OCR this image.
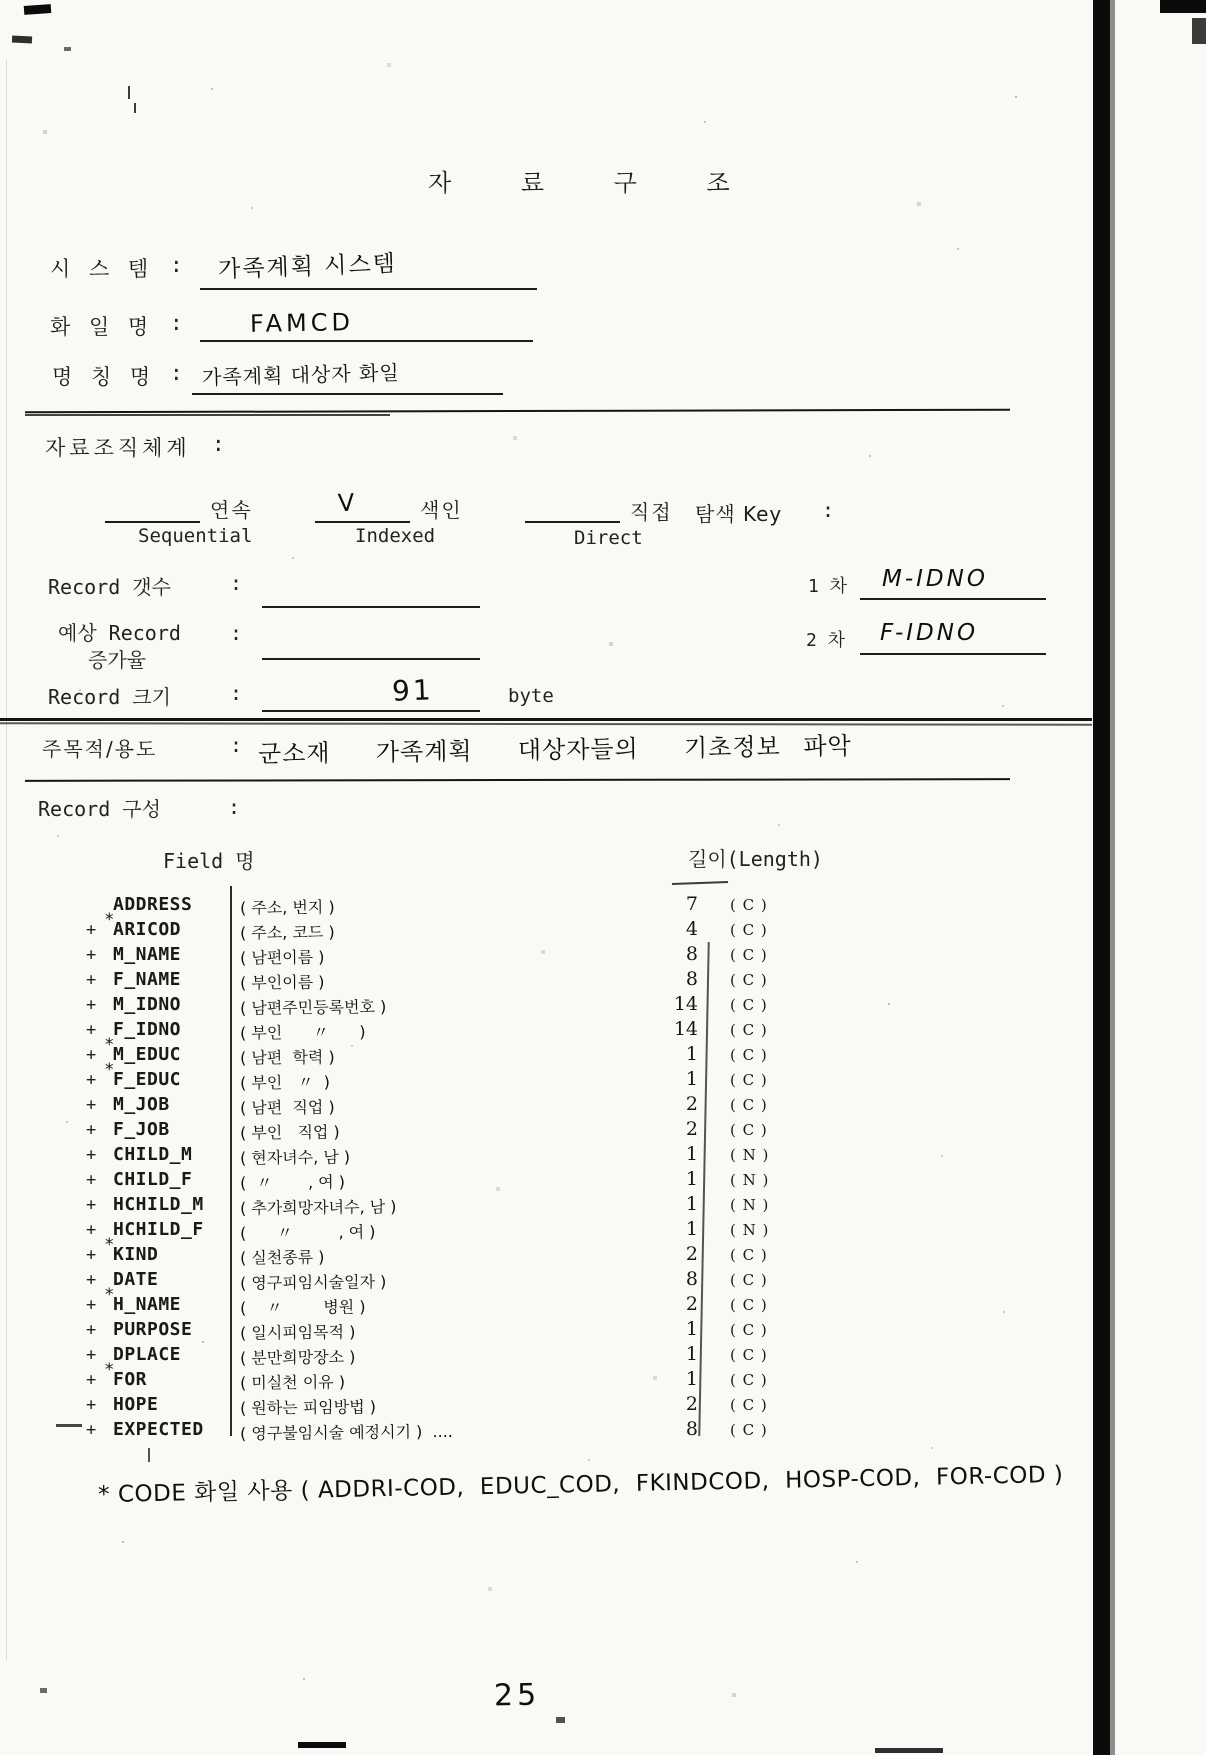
자 료 구 조
시 스 템 : 가족계획 시스템
화 일 명 :	FAMCD
명 칭 명 : 가족계획 대상자 화일
자료조직체계 :
연속
Sequential
V	색인
Indexed
직접
Direct
탐색 Key :
Record 갯수	:
예상 Record
증가율
:
Record 크기	:	91	byte
1 차 M-IDNO
2 차 F-IDNO
주목적/용도	: 군소재  가족계획  대상자들의  기초정보 파악
Record 구성	:
Field 명	길이(Length)
ADDRESS	( 주소, 번지 )	7 ( C )
+ * ARICOD	( 주소, 코드 )	4 ( C )
+ M_NAME	( 남편이름 )	8 ( C )
+ F_NAME	( 부인이름 )	8 ( C )
+ M_IDNO	( 남편주민등록번호 )	14 ( C )
+ F_IDNO	( 부인      〃      )	14 ( C )
+ * M_EDUC	( 남편  학력 )	1 ( C )
+ * F_EDUC	( 부인   〃  )	1 ( C )
+ M_JOB	( 남편  직업 )	2 ( C )
+ F_JOB	( 부인   직업 )	2 ( C )
+ CHILD_M	( 현자녀수, 남 )	1 ( N )
+ CHILD_F	(  〃       , 여 )	1 ( N )
+ HCHILD_M ( 추가희망자녀수, 남 )	1 ( N )
+ HCHILD_F (      〃         , 여 )	1 ( N )
+ * KIND	( 실천종류 )	2 ( C )
+ DATE	( 영구피임시술일자 )	8 ( C )
+ * H_NAME	(    〃        병원 )	2 ( C )
+ PURPOSE	( 일시피임목적 )	1 ( C )
+ DPLACE	( 분만희망장소 )	1 ( C )
+ * FOR	( 미실천 이유 )	1 ( C )
+ HOPE	( 원하는 피임방법 )	2 ( C )
+ EXPECTED ( 영구불임시술 예정시기 )  ....	8 ( C )
* CODE 화일 사용 ( ADDRI-COD,  EDUC_COD,  FKINDCOD,  HOSP-COD,  FOR-COD )
25
